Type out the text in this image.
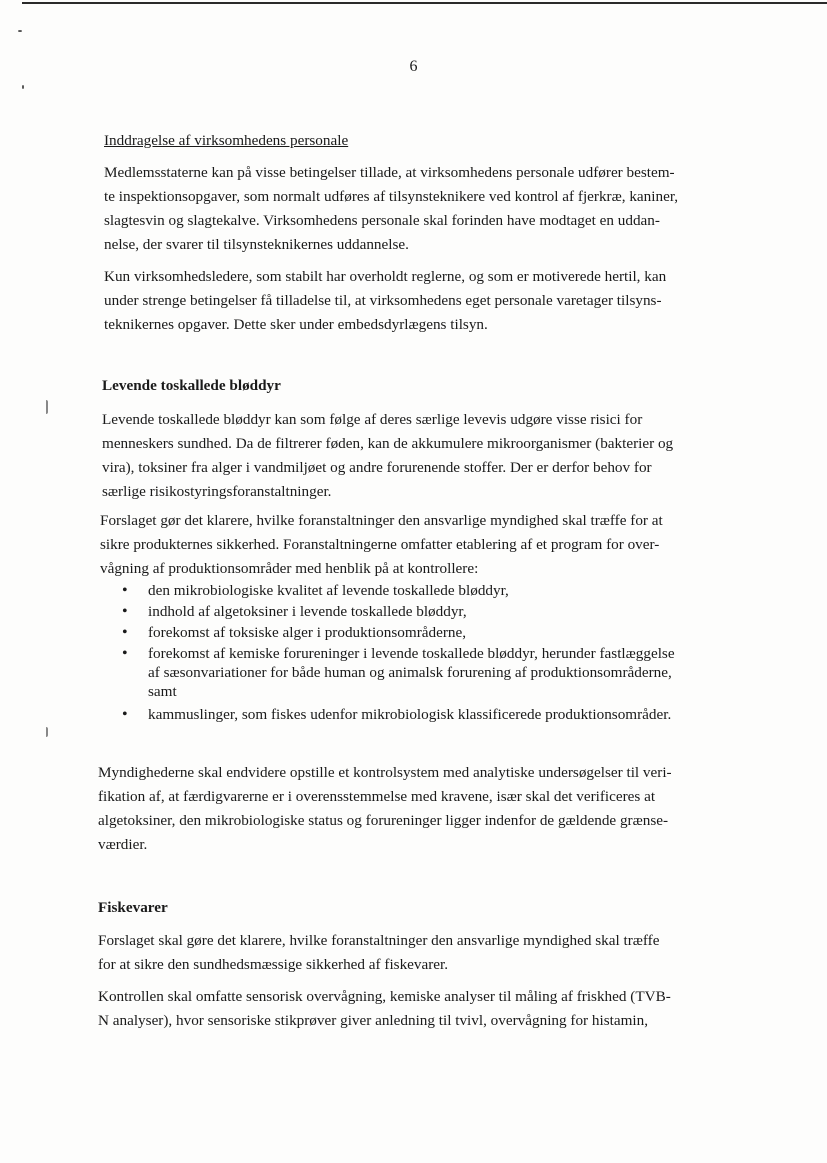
6

Inddragelse af virksomhedens personale

Medlemsstaterne kan på visse betingelser tillade, at virksomhedens personale udfører bestem-
te inspektionsopgaver, som normalt udføres af tilsynsteknikere ved kontrol af fjerkræ, kaniner,
slagtesvin og slagtekalve. Virksomhedens personale skal forinden have modtaget en uddan-
nelse, der svarer til tilsynsteknikernes uddannelse.

Kun virksomhedsledere, som stabilt har overholdt reglerne, og som er motiverede hertil, kan
under strenge betingelser få tilladelse til, at virksomhedens eget personale varetager tilsyns-
teknikernes opgaver. Dette sker under embedsdyrlægens tilsyn.

Levende toskallede bløddyr

Levende toskallede bløddyr kan som følge af deres særlige levevis udgøre visse risici for
menneskers sundhed. Da de filtrerer føden, kan de akkumulere mikroorganismer (bakterier og
vira), toksiner fra alger i vandmiljøet og andre forurenende stoffer. Der er derfor behov for
særlige risikostyringsforanstaltninger.

Forslaget gør det klarere, hvilke foranstaltninger den ansvarlige myndighed skal træffe for at
sikre produkternes sikkerhed. Foranstaltningerne omfatter etablering af et program for over-
vågning af produktionsområder med henblik på at kontrollere:

• den mikrobiologiske kvalitet af levende toskallede bløddyr,
• indhold af algetoksiner i levende toskallede bløddyr,
• forekomst af toksiske alger i produktionsområderne,
• forekomst af kemiske forureninger i levende toskallede bløddyr, herunder fastlæggelse
af sæsonvariationer for både human og animalsk forurening af produktionsområderne,
samt
• kammuslinger, som fiskes udenfor mikrobiologisk klassificerede produktionsområder.

Myndighederne skal endvidere opstille et kontrolsystem med analytiske undersøgelser til veri-
fikation af, at færdigvarerne er i overensstemmelse med kravene, især skal det verificeres at
algetoksiner, den mikrobiologiske status og forureninger ligger indenfor de gældende grænse-
værdier.

Fiskevarer

Forslaget skal gøre det klarere, hvilke foranstaltninger den ansvarlige myndighed skal træffe
for at sikre den sundhedsmæssige sikkerhed af fiskevarer.

Kontrollen skal omfatte sensorisk overvågning, kemiske analyser til måling af friskhed (TVB-
N analyser), hvor sensoriske stikprøver giver anledning til tvivl, overvågning for histamin,
